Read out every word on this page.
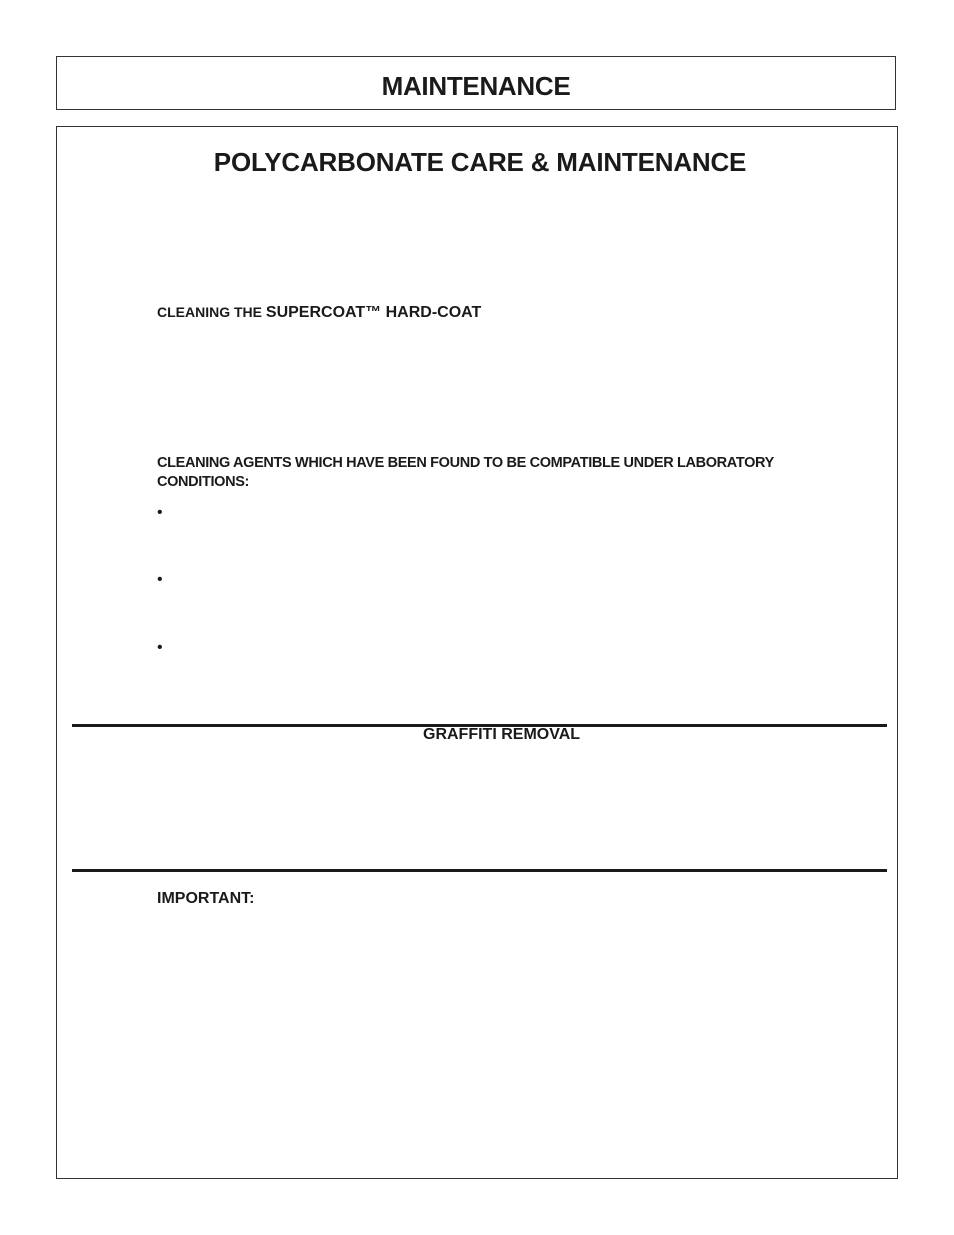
MAINTENANCE
POLYCARBONATE CARE & MAINTENANCE
CLEANING THE SUPERCOAT™ HARD-COAT
CLEANING AGENTS WHICH HAVE BEEN FOUND TO BE COMPATIBLE UNDER LABORATORY CONDITIONS:
•
•
•
GRAFFITI REMOVAL
IMPORTANT:
